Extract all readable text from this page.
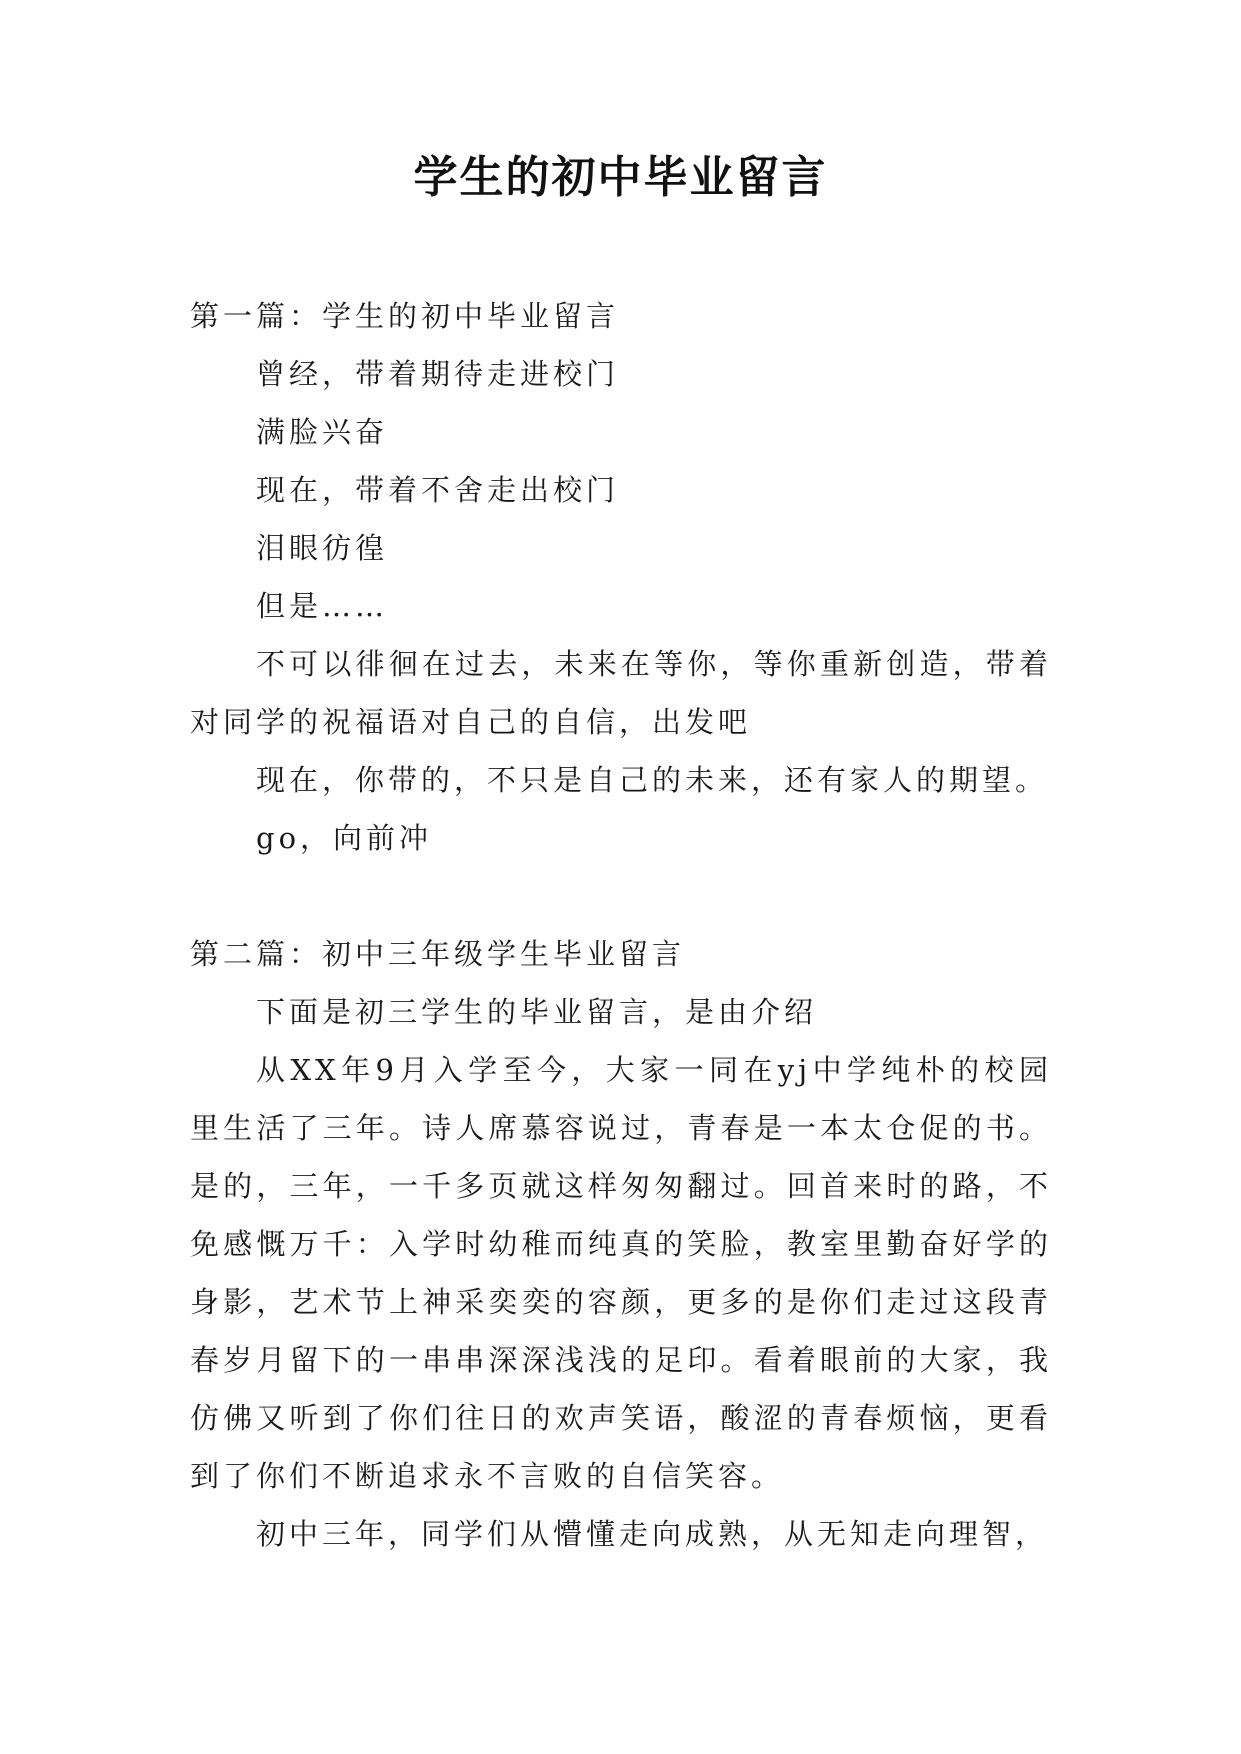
学生的初中毕业留言

第一篇：学生的初中毕业留言

曾经，带着期待走进校门

满脸兴奋

现在，带着不舍走出校门

泪眼彷徨

但是……

不可以徘徊在过去，未来在等你，等你重新创造，带着对同学的祝福语对自己的自信，出发吧

现在，你带的，不只是自己的未来，还有家人的期望。

go，向前冲

第二篇：初中三年级学生毕业留言

下面是初三学生的毕业留言，是由介绍

从XX年9月入学至今，大家一同在yj中学纯朴的校园里生活了三年。诗人席慕容说过，青春是一本太仓促的书。是的，三年，一千多页就这样匆匆翻过。回首来时的路，不免感慨万千：入学时幼稚而纯真的笑脸，教室里勤奋好学的身影，艺术节上神采奕奕的容颜，更多的是你们走过这段青春岁月留下的一串串深深浅浅的足印。看着眼前的大家，我仿佛又听到了你们往日的欢声笑语，酸涩的青春烦恼，更看到了你们不断追求永不言败的自信笑容。

初中三年，同学们从懵懂走向成熟，从无知走向理智，
